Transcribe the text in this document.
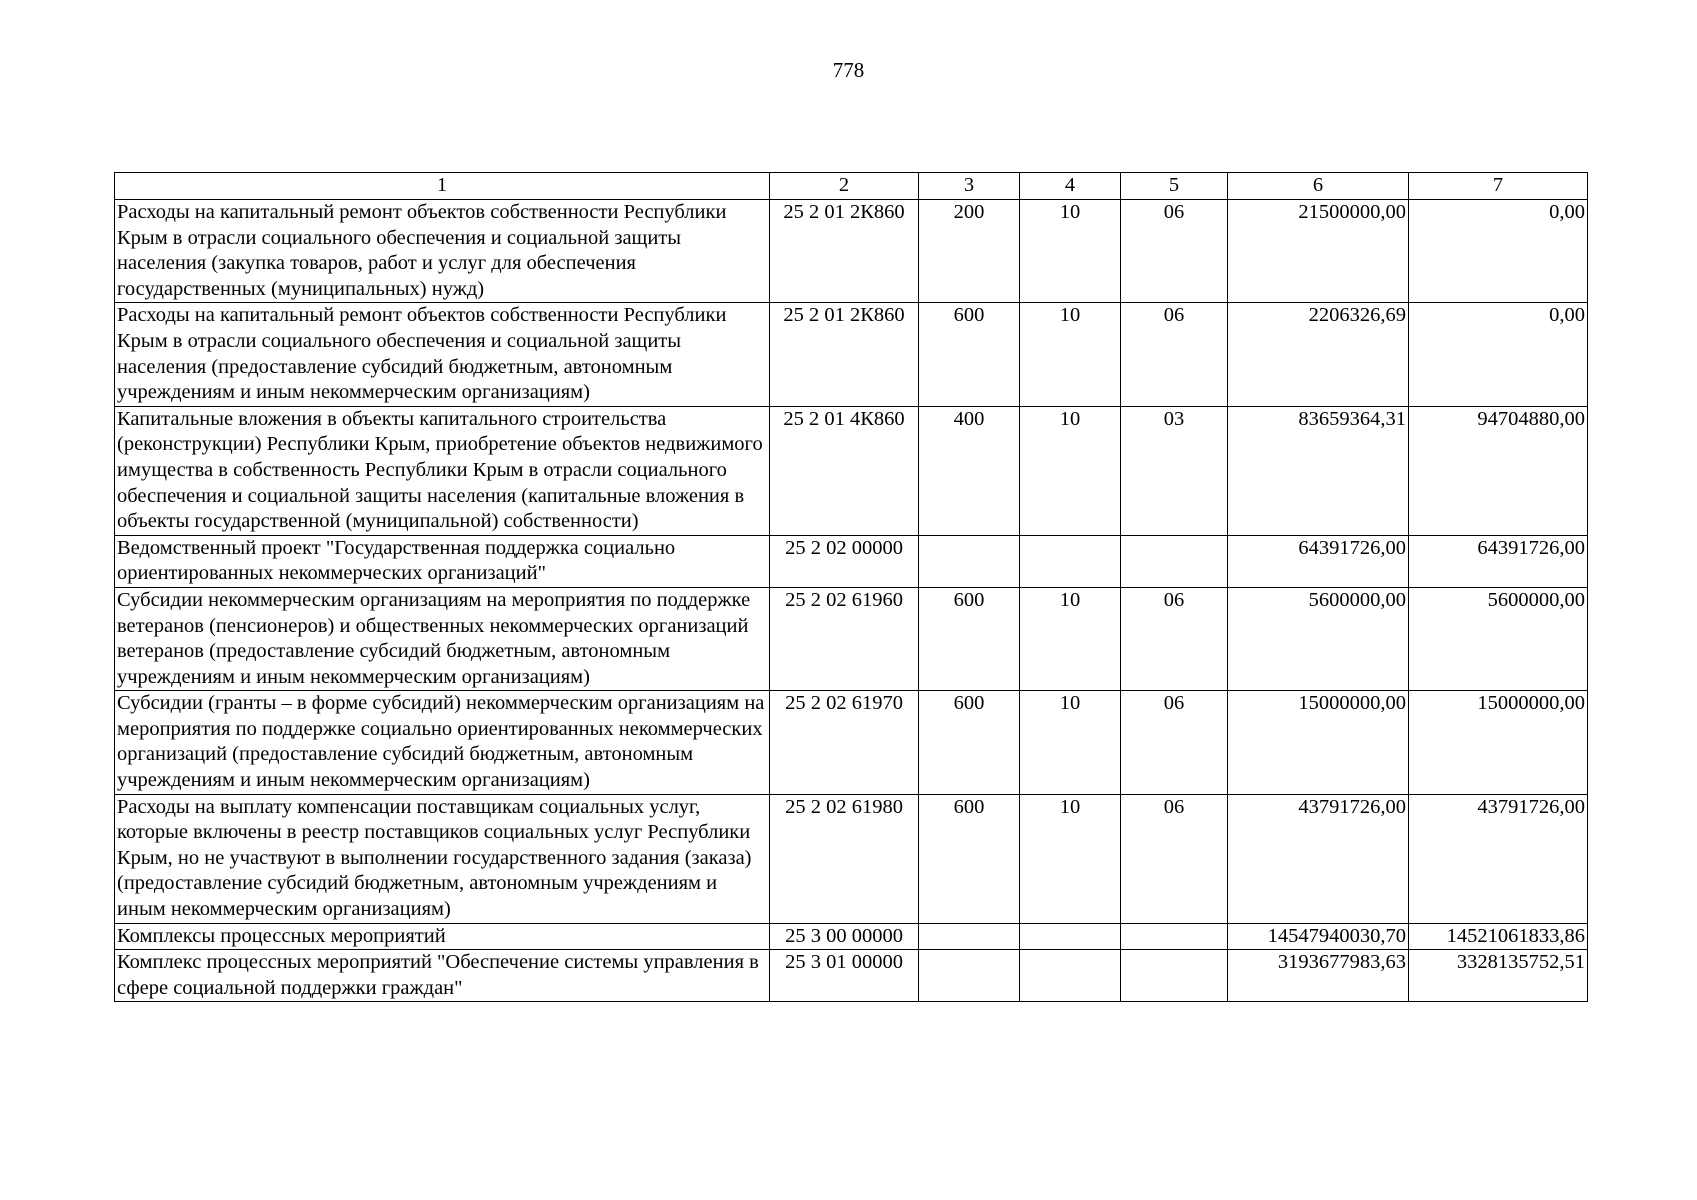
778
1	2	3	4	5	6	7
Расходы на капитальный ремонт объектов собственности Республики Крым в отрасли социального обеспечения и социальной защиты населения (закупка товаров, работ и услуг для обеспечения государственных (муниципальных) нужд)	25 2 01 2К860	200	10	06	21500000,00	0,00
Расходы на капитальный ремонт объектов собственности Республики Крым в отрасли социального обеспечения и социальной защиты населения (предоставление субсидий бюджетным, автономным учреждениям и иным некоммерческим организациям)	25 2 01 2К860	600	10	06	2206326,69	0,00
Капитальные вложения в объекты капитального строительства (реконструкции) Республики Крым, приобретение объектов недвижимого имущества в собственность Республики Крым в отрасли социального обеспечения и социальной защиты населения (капитальные вложения в объекты государственной (муниципальной) собственности)	25 2 01 4К860	400	10	03	83659364,31	94704880,00
Ведомственный проект "Государственная поддержка социально ориентированных некоммерческих организаций"	25 2 02 00000				64391726,00	64391726,00
Субсидии некоммерческим организациям на мероприятия по поддержке ветеранов (пенсионеров) и общественных некоммерческих организаций ветеранов (предоставление субсидий бюджетным, автономным учреждениям и иным некоммерческим организациям)	25 2 02 61960	600	10	06	5600000,00	5600000,00
Субсидии (гранты – в форме субсидий) некоммерческим организациям на мероприятия по поддержке социально ориентированных некоммерческих организаций (предоставление субсидий бюджетным, автономным учреждениям и иным некоммерческим организациям)	25 2 02 61970	600	10	06	15000000,00	15000000,00
Расходы на выплату компенсации поставщикам социальных услуг, которые включены в реестр поставщиков социальных услуг Республики Крым, но не участвуют в выполнении государственного задания (заказа) (предоставление субсидий бюджетным, автономным учреждениям и иным некоммерческим организациям)	25 2 02 61980	600	10	06	43791726,00	43791726,00
Комплексы процессных мероприятий	25 3 00 00000				14547940030,70	14521061833,86
Комплекс процессных мероприятий "Обеспечение системы управления в сфере социальной поддержки граждан"	25 3 01 00000				3193677983,63	3328135752,51
